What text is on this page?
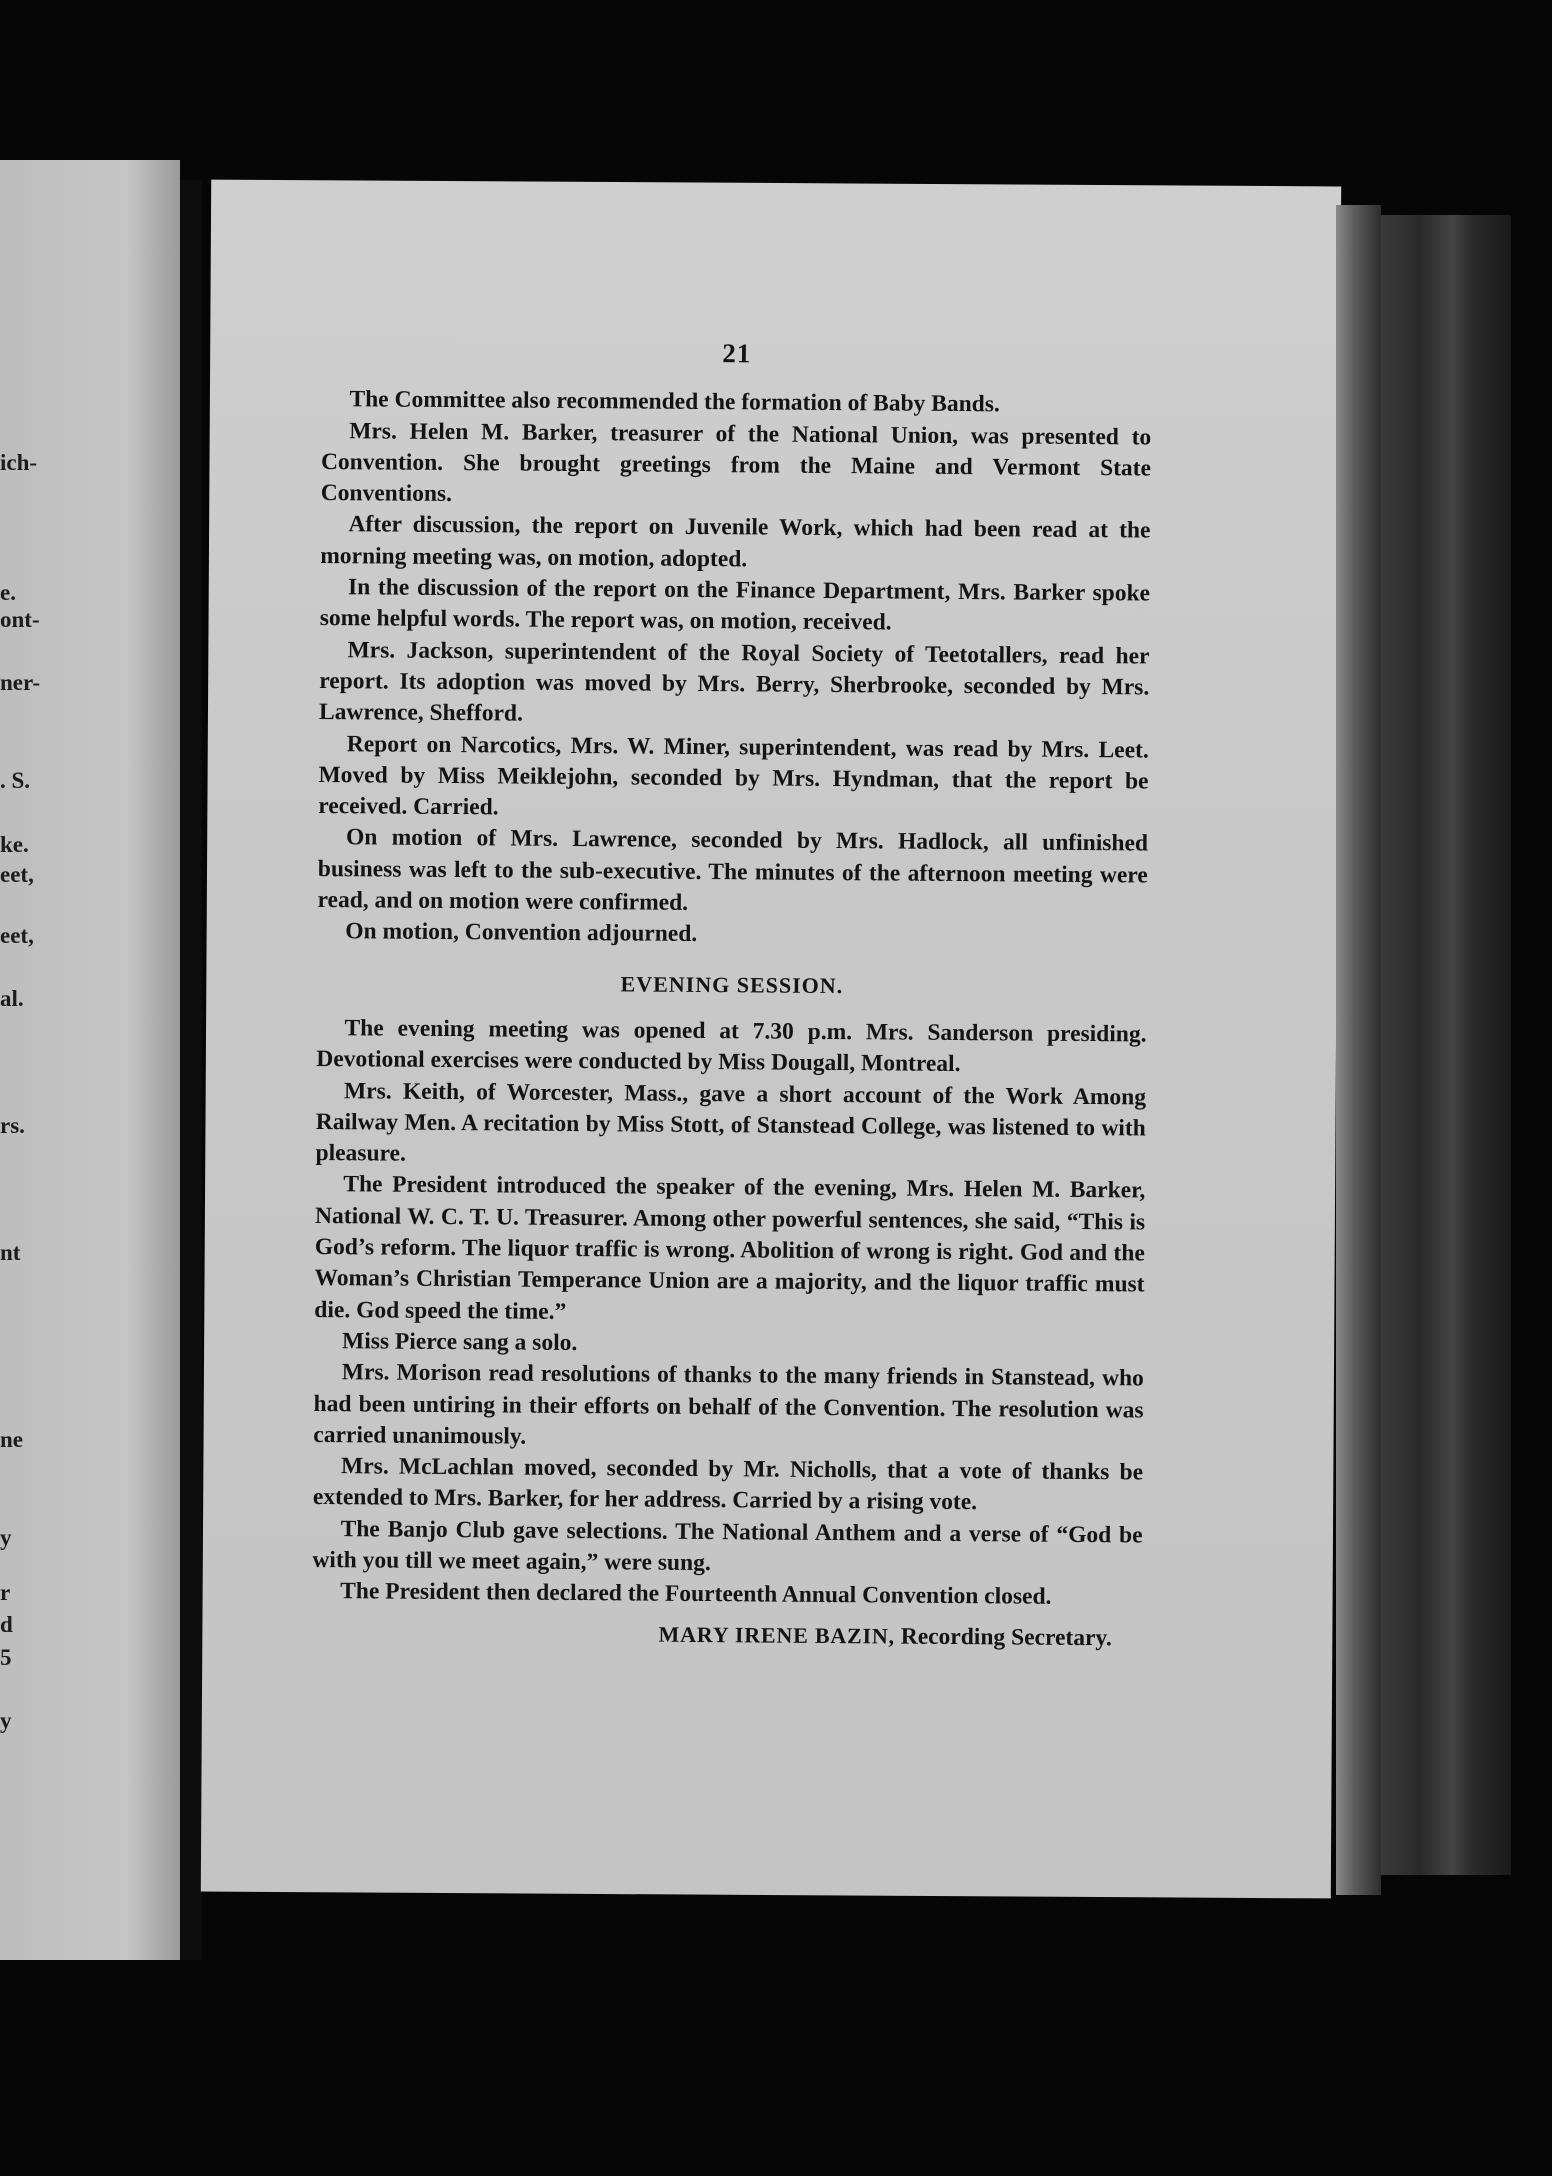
ich-
e.
ont-
ner-
. S.
ke.
eet,
eet,
al.
rs.
nt
ne
y
r
d
5
y
21

The Committee also recommended the formation of Baby Bands.

Mrs. Helen M. Barker, treasurer of the National Union, was presented to Convention. She brought greetings from the Maine and Vermont State Conventions.

After discussion, the report on Juvenile Work, which had been read at the morning meeting was, on motion, adopted.

In the discussion of the report on the Finance Department, Mrs. Barker spoke some helpful words. The report was, on motion, received.

Mrs. Jackson, superintendent of the Royal Society of Teetotallers, read her report. Its adoption was moved by Mrs. Berry, Sherbrooke, seconded by Mrs. Lawrence, Shefford.

Report on Narcotics, Mrs. W. Miner, superintendent, was read by Mrs. Leet. Moved by Miss Meiklejohn, seconded by Mrs. Hyndman, that the report be received. Carried.

On motion of Mrs. Lawrence, seconded by Mrs. Hadlock, all unfinished business was left to the sub-executive. The minutes of the afternoon meeting were read, and on motion were confirmed.

On motion, Convention adjourned.

EVENING SESSION.

The evening meeting was opened at 7.30 p.m. Mrs. Sanderson presiding. Devotional exercises were conducted by Miss Dougall, Montreal.

Mrs. Keith, of Worcester, Mass., gave a short account of the Work Among Railway Men. A recitation by Miss Stott, of Stanstead College, was listened to with pleasure.

The President introduced the speaker of the evening, Mrs. Helen M. Barker, National W. C. T. U. Treasurer. Among other powerful sentences, she said, “This is God’s reform. The liquor traffic is wrong. Abolition of wrong is right. God and the Woman’s Christian Temperance Union are a majority, and the liquor traffic must die. God speed the time.”

Miss Pierce sang a solo.

Mrs. Morison read resolutions of thanks to the many friends in Stanstead, who had been untiring in their efforts on behalf of the Convention. The resolution was carried unanimously.

Mrs. McLachlan moved, seconded by Mr. Nicholls, that a vote of thanks be extended to Mrs. Barker, for her address. Carried by a rising vote.

The Banjo Club gave selections. The National Anthem and a verse of “God be with you till we meet again,” were sung.

The President then declared the Fourteenth Annual Convention closed.

MARY IRENE BAZIN, Recording Secretary.
